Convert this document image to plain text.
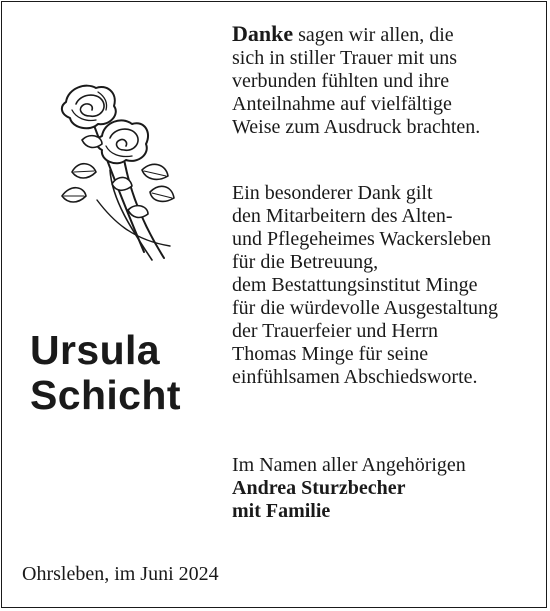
Ursula
Schicht
Danke sagen wir allen, die
sich in stiller Trauer mit uns
verbunden fühlten und ihre
Anteilnahme auf vielfältige
Weise zum Ausdruck brachten.
Ein besonderer Dank gilt
den Mitarbeitern des Alten-
und Pflegeheimes Wackersleben
für die Betreuung,
dem Bestattungsinstitut Minge
für die würdevolle Ausgestaltung
der Trauerfeier und Herrn
Thomas Minge für seine
einfühlsamen Abschiedsworte.
Im Namen aller Angehörigen
Andrea Sturzbecher
mit Familie
Ohrsleben, im Juni 2024
